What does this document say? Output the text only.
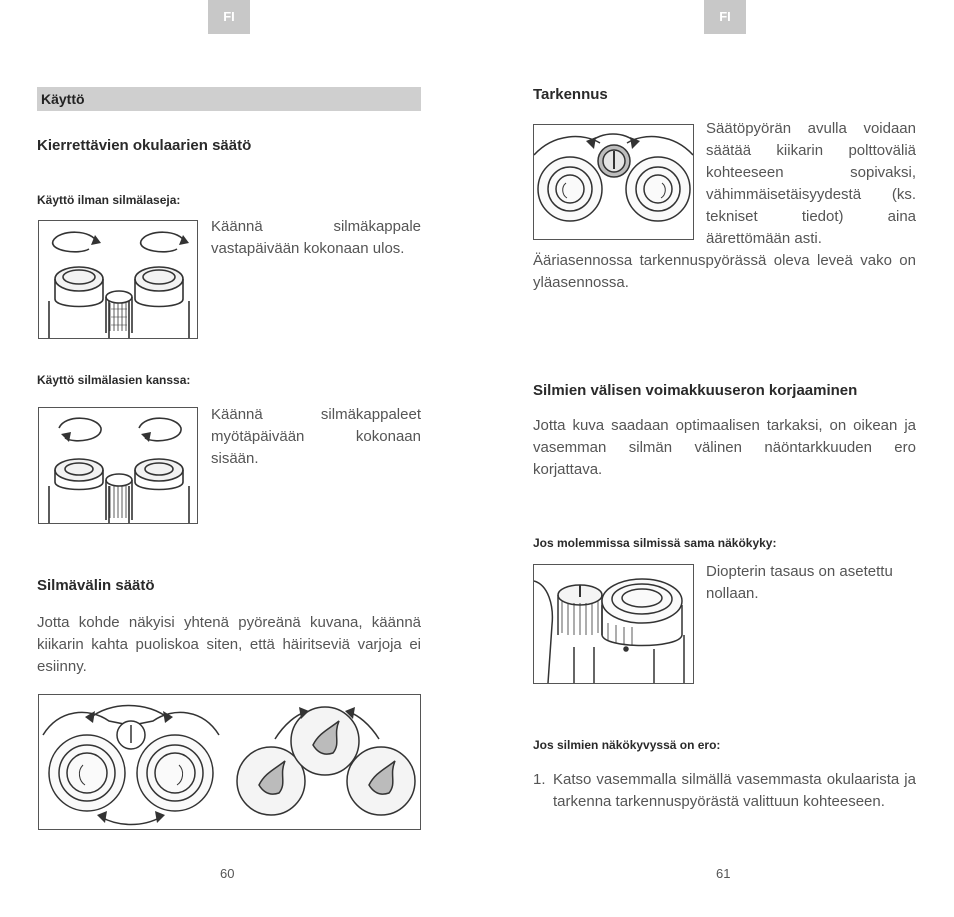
FI
Käyttö
Kierrettävien okulaarien säätö
Käyttö ilman silmälaseja:

Käännä silmäkappale vastapäivään kokonaan ulos.

Käyttö silmälasien kanssa:

Käännä silmäkappaleet myötäpäivään kokonaan sisään.

Silmävälin säätö

Jotta kohde näkyisi yhtenä pyöreänä kuvana, käännä kiikarin kahta puoliskoa siten, että häiritseviä varjoja ei esiinny.

60
FI
Tarkennus

Säätöpyörän avulla voidaan säätää kiikarin polttoväliä kohteeseen sopivaksi, vähimmäisetäisyydestä (ks. tekniset tiedot) aina äärettömään asti.

Ääriasennossa tarkennuspyörässä oleva leveä vako on yläasennossa.

Silmien välisen voimakkuuseron korjaaminen

Jotta kuva saadaan optimaalisen tarkaksi, on oikean ja vasemman silmän välinen näöntarkkuuden ero korjattava.

Jos molemmissa silmissä sama näkökyky:

Diopterin tasaus on asetettu nollaan.

Jos silmien näkökyvyssä on ero:
1. Katso vasemmalla silmällä vasemmasta okulaarista ja tarkenna tarkennuspyörästä valittuun kohteeseen.

61
